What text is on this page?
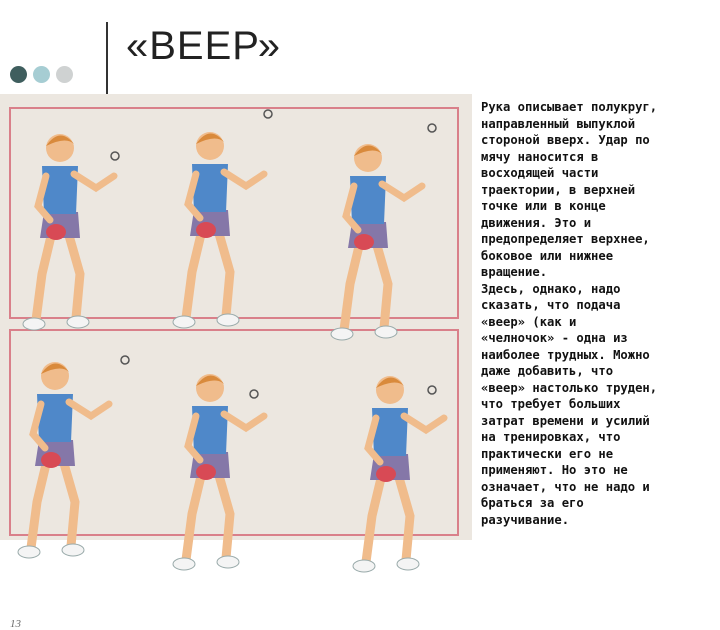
«ВЕЕР»
13
Рука описывает полукруг,
направленный выпуклой
стороной вверх. Удар по
мячу наносится в
восходящей части
траектории, в верхней
точке или в конце
движения. Это и
предопределяет верхнее,
боковое или нижнее
вращение.
Здесь, однако, надо
сказать, что подача
«веер» (как и
«челночок» - одна из
наиболее трудных. Можно
даже добавить, что
«веер» настолько труден,
что требует больших
затрат времени и усилий
на тренировках, что
практически его не
применяют. Но это не
означает, что не надо и
браться за его
разучивание.
